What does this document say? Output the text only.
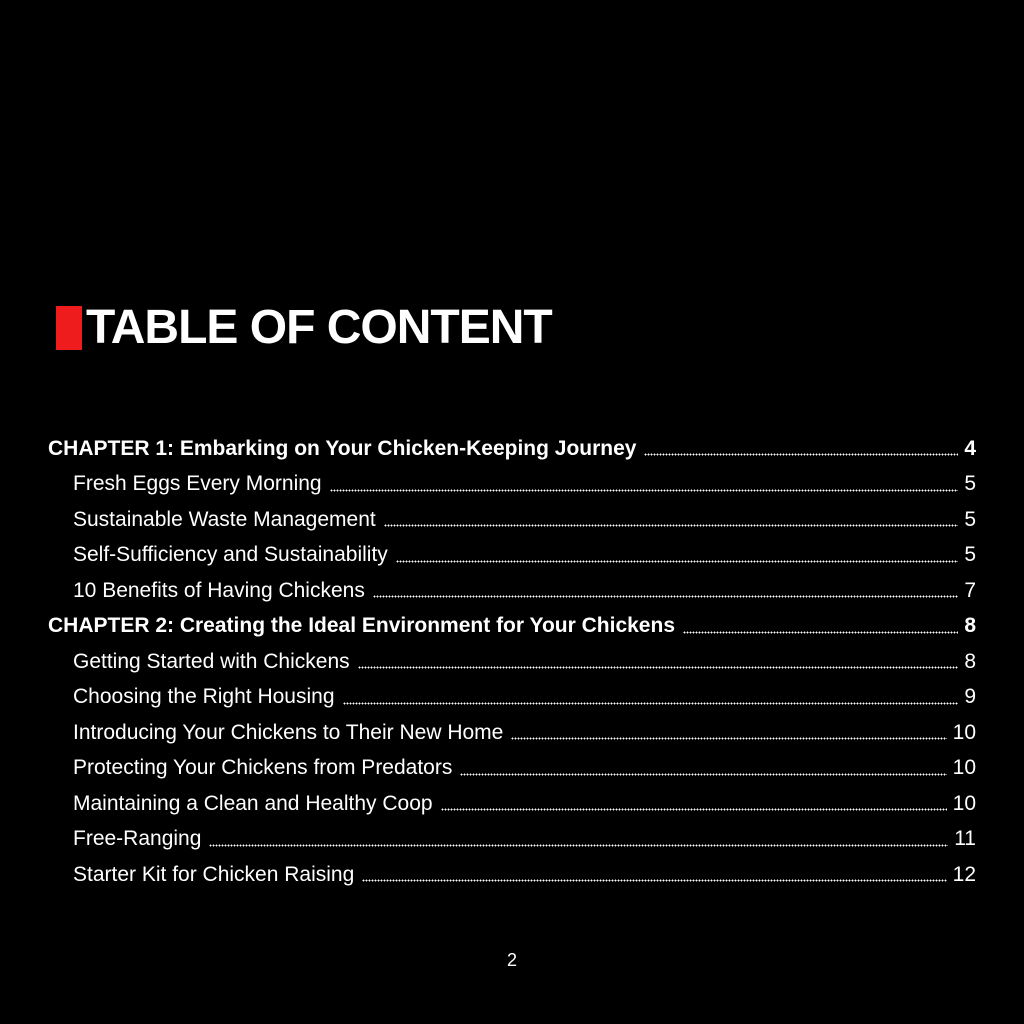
TABLE OF CONTENT
CHAPTER 1: Embarking on Your Chicken-Keeping Journey	4
Fresh Eggs Every Morning	5
Sustainable Waste Management	5
Self-Sufficiency and Sustainability	5
10 Benefits of Having Chickens	7
CHAPTER 2: Creating the Ideal Environment for Your Chickens	8
Getting Started with Chickens	8
Choosing the Right Housing	9
Introducing Your Chickens to Their New Home	10
Protecting Your Chickens from Predators	10
Maintaining a Clean and Healthy Coop	10
Free-Ranging	11
Starter Kit for Chicken Raising	12
2
